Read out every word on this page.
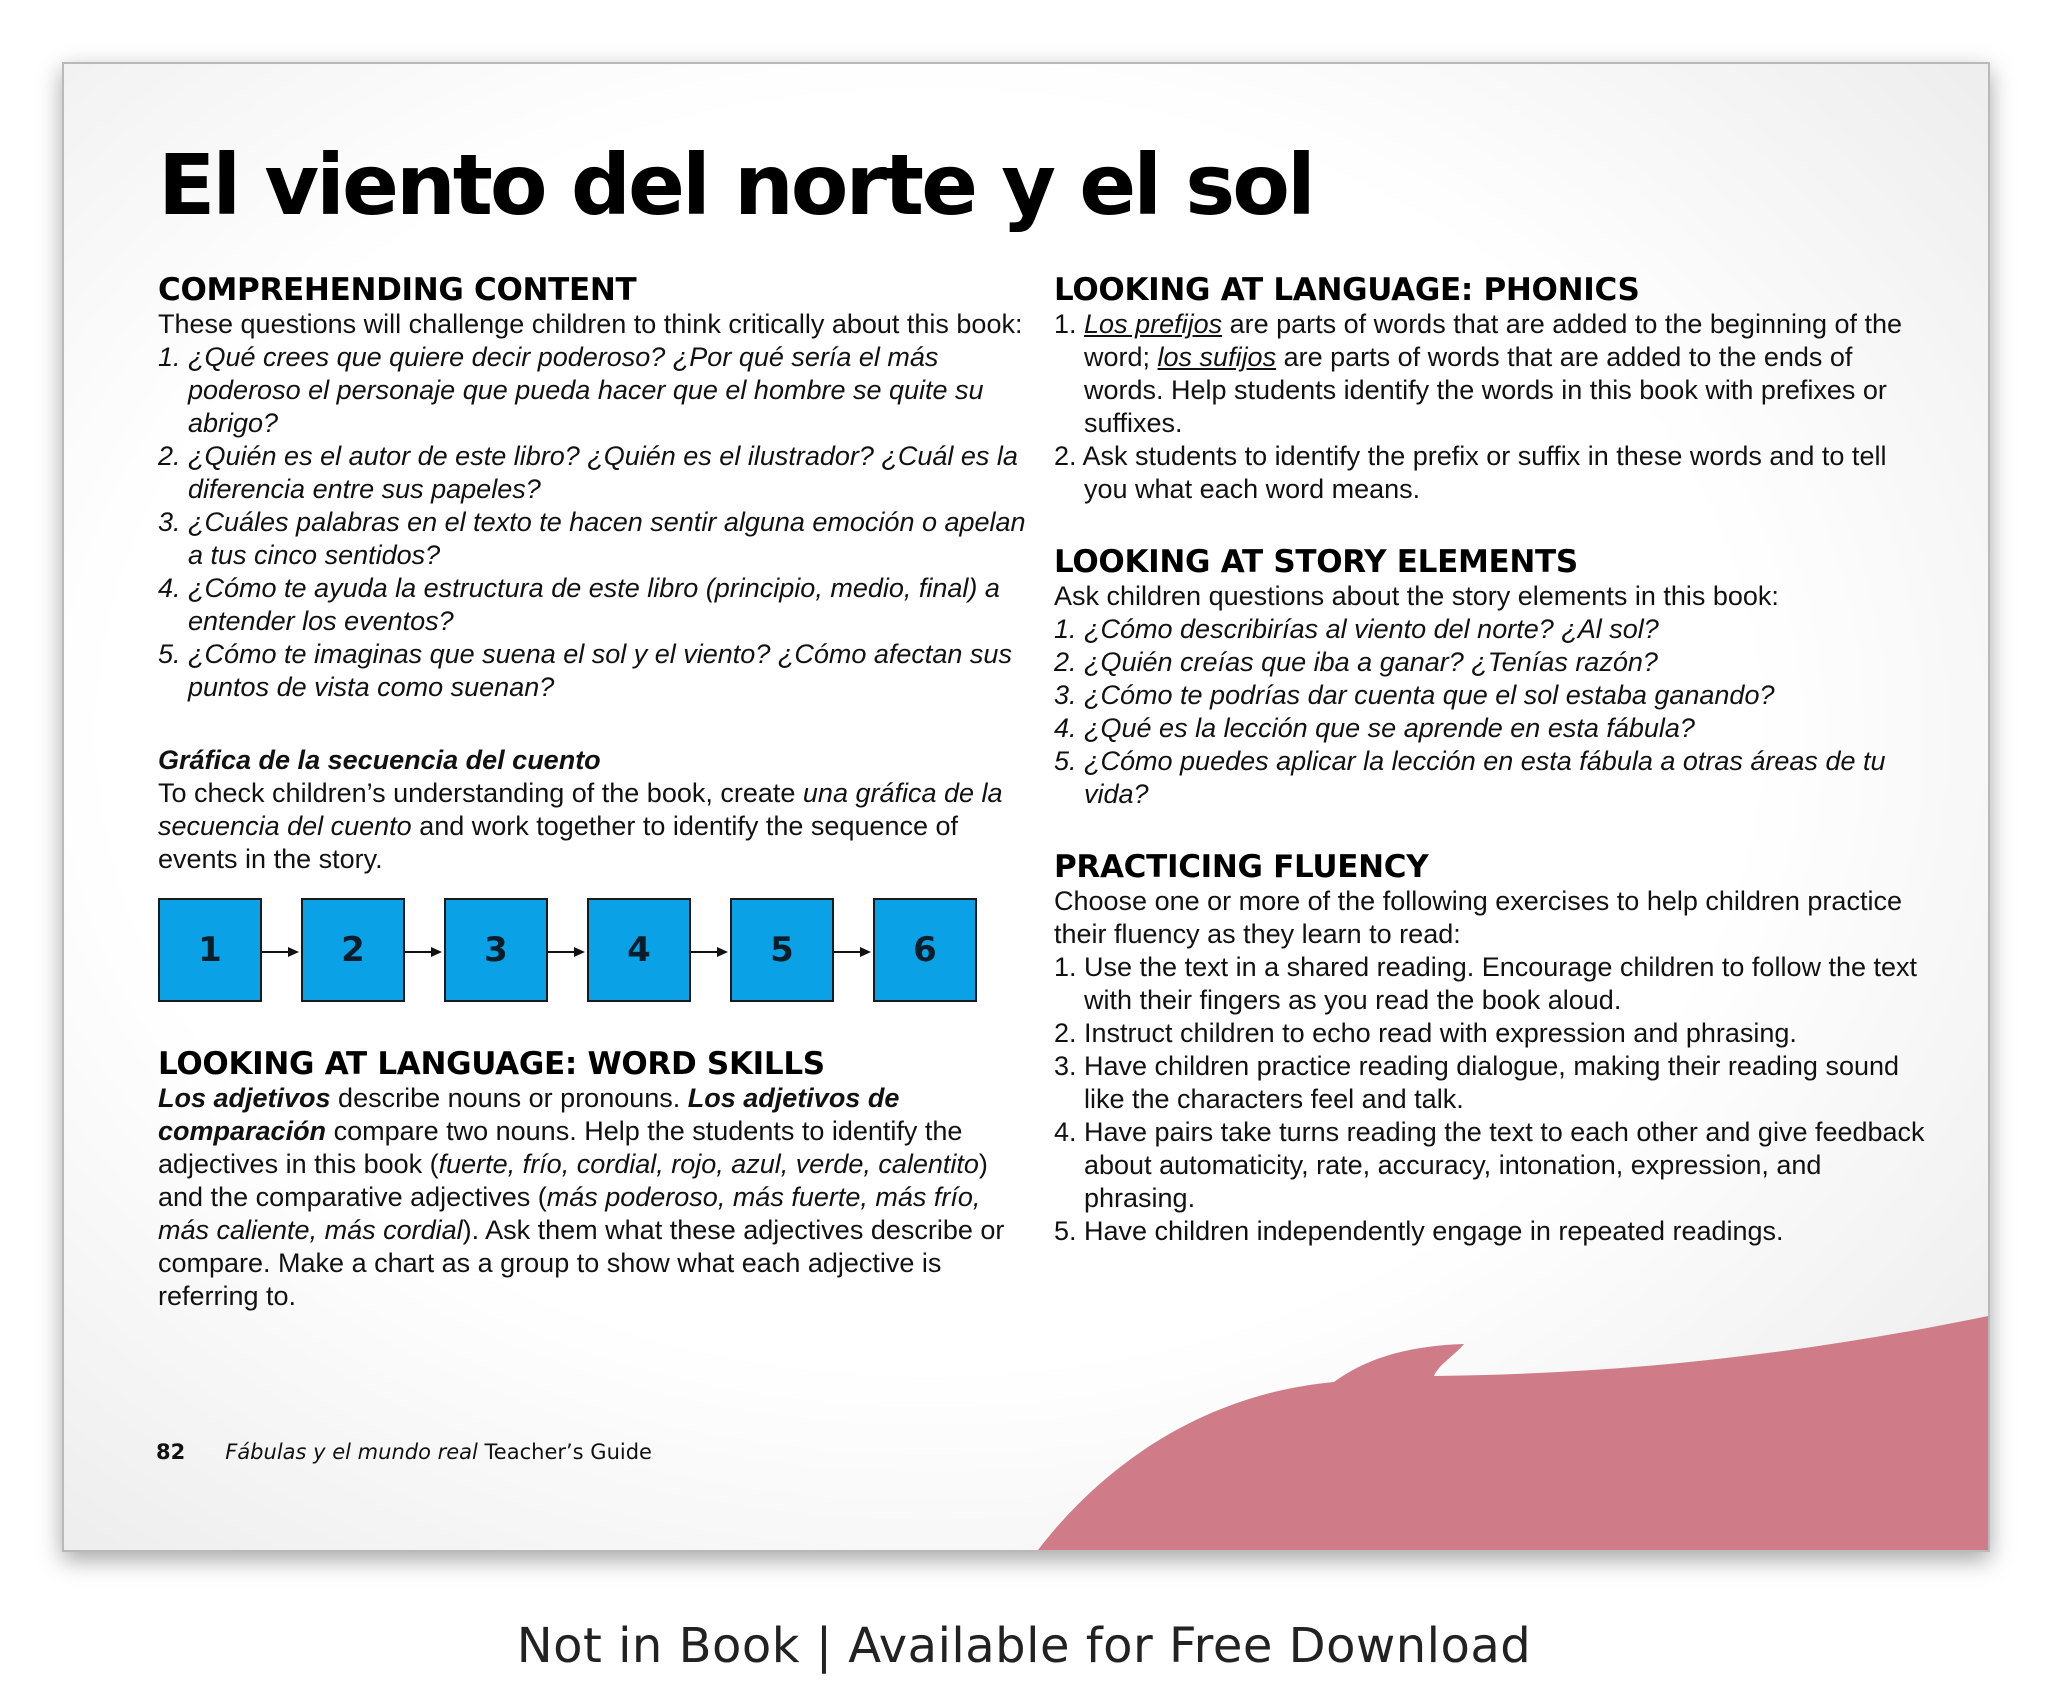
El viento del norte y el sol
COMPREHENDING CONTENT

These questions will challenge children to think critically about this book:

1. ¿Qué crees que quiere decir poderoso? ¿Por qué sería el más poderoso el personaje que pueda hacer que el hombre se quite su abrigo?
2. ¿Quién es el autor de este libro? ¿Quién es el ilustrador? ¿Cuál es la diferencia entre sus papeles?
3. ¿Cuáles palabras en el texto te hacen sentir alguna emoción o apelan a tus cinco sentidos?
4. ¿Cómo te ayuda la estructura de este libro (principio, medio, final) a entender los eventos?
5. ¿Cómo te imaginas que suena el sol y el viento? ¿Cómo afectan sus puntos de vista como suenan?

Gráfica de la secuencia del cuento

To check children’s understanding of the book, create una gráfica de la secuencia del cuento and work together to identify the sequence of events in the story.

1	2	3	4	5	6
LOOKING AT LANGUAGE: WORD SKILLS

Los adjetivos describe nouns or pronouns. Los adjetivos de comparación compare two nouns. Help the students to identify the adjectives in this book (fuerte, frío, cordial, rojo, azul, verde, calentito) and the comparative adjectives (más poderoso, más fuerte, más frío, más caliente, más cordial). Ask them what these adjectives describe or compare. Make a chart as a group to show what each adjective is referring to.

LOOKING AT LANGUAGE: PHONICS
1. Los prefijos are parts of words that are added to the beginning of the word; los sufijos are parts of words that are added to the ends of words. Help students identify the words in this book with prefixes or suffixes.
2. Ask students to identify the prefix or suffix in these words and to tell you what each word means.
LOOKING AT STORY ELEMENTS

Ask children questions about the story elements in this book:

1. ¿Cómo describirías al viento del norte? ¿Al sol?
2. ¿Quién creías que iba a ganar? ¿Tenías razón?
3. ¿Cómo te podrías dar cuenta que el sol estaba ganando?
4. ¿Qué es la lección que se aprende en esta fábula?
5. ¿Cómo puedes aplicar la lección en esta fábula a otras áreas de tu vida?
PRACTICING FLUENCY

Choose one or more of the following exercises to help children practice their fluency as they learn to read:

1. Use the text in a shared reading. Encourage children to follow the text with their fingers as you read the book aloud.
2. Instruct children to echo read with expression and phrasing.
3. Have children practice reading dialogue, making their reading sound like the characters feel and talk.
4. Have pairs take turns reading the text to each other and give feedback about automaticity, rate, accuracy, intonation, expression, and phrasing.
5. Have children independently engage in repeated readings.
82 Fábulas y el mundo real Teacher’s Guide
Not in Book | Available for Free Download
